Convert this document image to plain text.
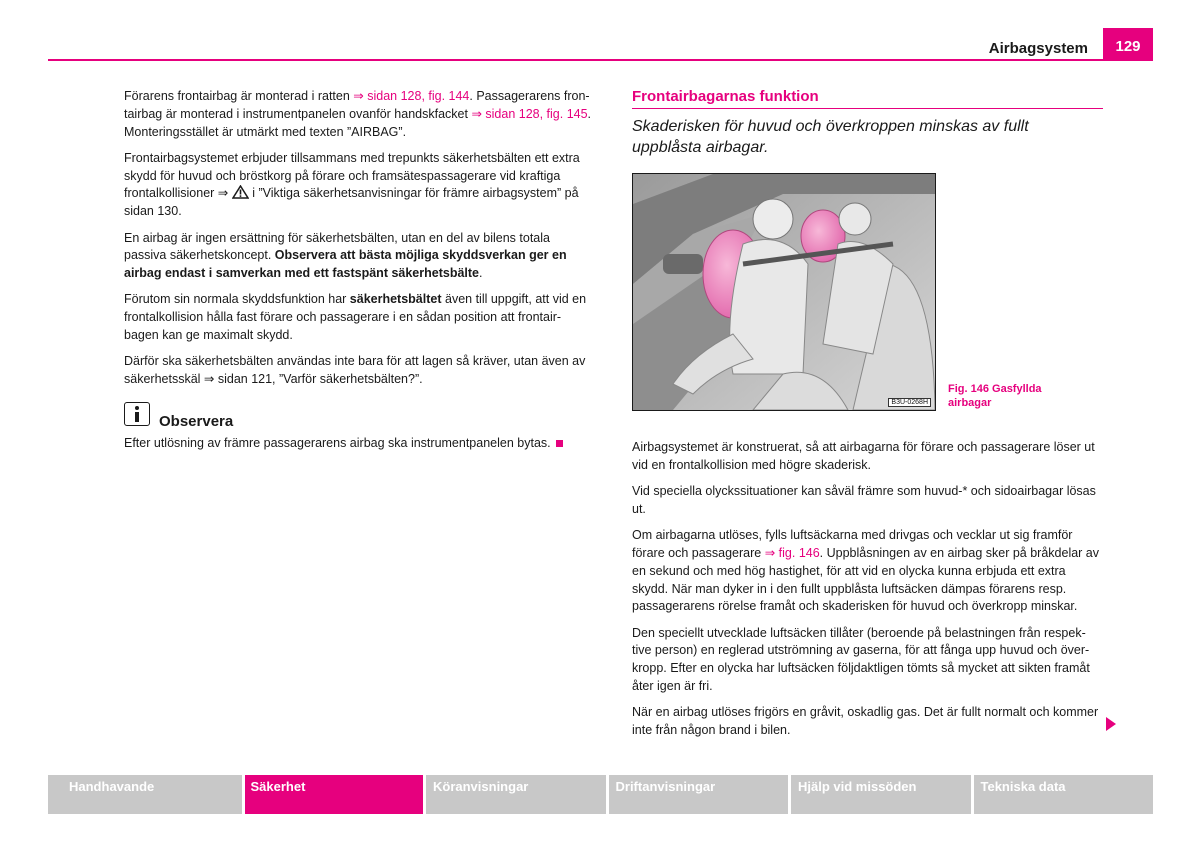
Airbagsystem 129

Förarens frontairbag är monterad i ratten ⇒ sidan 128, fig. 144. Passagerarens fron-tairbag är monterad i instrumentpanelen ovanför handskfacket ⇒ sidan 128, fig. 145. Monteringsstället är utmärkt med texten ”AIRBAG”.

Frontairbagsystemet erbjuder tillsammans med trepunkts säkerhetsbälten ett extra skydd för huvud och bröstkorg på förare och framsätespassagerare vid kraftiga frontalkollisioner ⇒  i ”Viktiga säkerhetsanvisningar för främre airbagsystem” på sidan 130.

En airbag är ingen ersättning för säkerhetsbälten, utan en del av bilens totala passiva säkerhetskoncept. Observera att bästa möjliga skyddsverkan ger en airbag endast i samverkan med ett fastspänt säkerhetsbälte.

Förutom sin normala skyddsfunktion har säkerhetsbältet även till uppgift, att vid en frontalkollision hålla fast förare och passagerare i en sådan position att frontair-bagen kan ge maximalt skydd.

Därför ska säkerhetsbälten användas inte bara för att lagen så kräver, utan även av säkerhetsskäl ⇒ sidan 121, ”Varför säkerhetsbälten?”.

Observera
Efter utlösning av främre passagerarens airbag ska instrumentpanelen bytas.
Frontairbagarnas funktion
Skaderisken för huvud och överkroppen minskas av fullt uppblåsta airbagar.
B3U-0268H
Fig. 146 Gasfyllda airbagar

Airbagsystemet är konstruerat, så att airbagarna för förare och passagerare löser ut vid en frontalkollision med högre skaderisk.

Vid speciella olyckssituationer kan såväl främre som huvud-* och sidoairbagar lösas ut.

Om airbagarna utlöses, fylls luftsäckarna med drivgas och vecklar ut sig framför förare och passagerare ⇒ fig. 146. Uppblåsningen av en airbag sker på bråkdelar av en sekund och med hög hastighet, för att vid en olycka kunna erbjuda ett extra skydd. När man dyker in i den fullt uppblåsta luftsäcken dämpas förarens resp. passagerarens rörelse framåt och skaderisken för huvud och överkropp minskar.

Den speciellt utvecklade luftsäcken tillåter (beroende på belastningen från respek-tive person) en reglerad utströmning av gaserna, för att fånga upp huvud och över-kropp. Efter en olycka har luftsäcken följdaktligen tömts så mycket att sikten framåt åter igen är fri.

När en airbag utlöses frigörs en gråvit, oskadlig gas. Det är fullt normalt och kommer inte från någon brand i bilen.

Handhavande	Säkerhet	Köranvisningar	Driftanvisningar	Hjälp vid missöden	Tekniska data
